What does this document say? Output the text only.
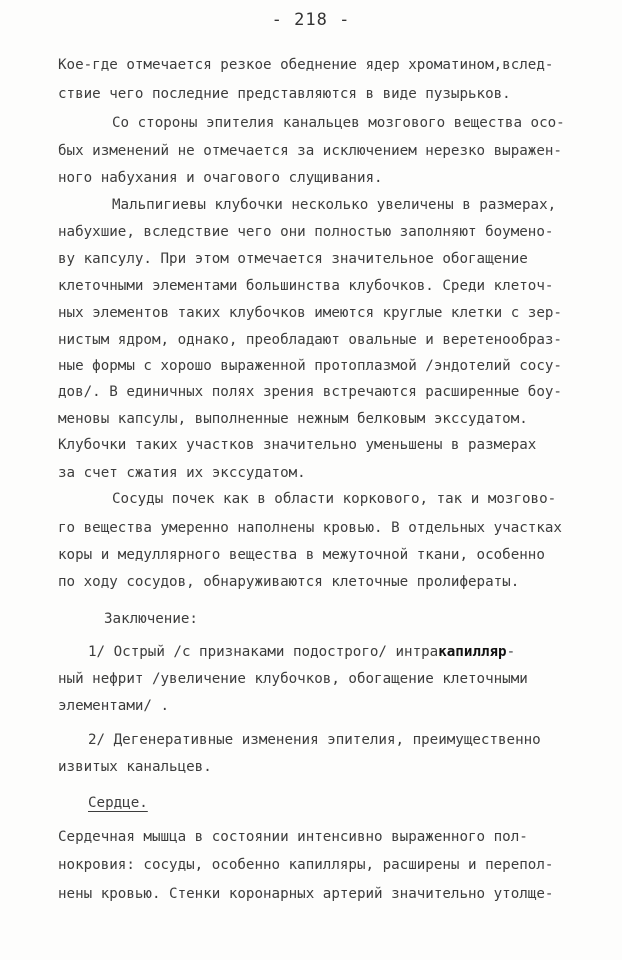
- 218 -
Кое-где отмечается резкое обеднение ядер хроматином,вслед-
ствие чего последние представляются в виде пузырьков.
Со стороны эпителия канальцев мозгового вещества осо-
бых изменений не отмечается за исключением нерезко выражен-
ного набухания и очагового слущивания.
Мальпигиевы клубочки несколько увеличены в размерах,
набухшие, вследствие чего они полностью заполняют боумено-
ву капсулу. При этом отмечается значительное обогащение
клеточными элементами большинства клубочков. Среди клеточ-
ных элементов таких клубочков имеются круглые клетки с зер-
нистым ядром, однако, преобладают овальные и веретенообраз-
ные формы с хорошо выраженной протоплазмой /эндотелий сосу-
дов/. В единичных полях зрения встречаются расширенные боу-
меновы капсулы, выполненные нежным белковым экссудатом.
Клубочки таких участков значительно уменьшены в размерах
за счет сжатия их экссудатом.
Сосуды почек как в области коркового, так и мозгово-
го вещества умеренно наполнены кровью. В отдельных участках
коры и медуллярного вещества в межуточной ткани, особенно
по ходу сосудов, обнаруживаются клеточные пролифераты.
Заключение:
1/ Острый /с признаками подострого/ интракапилляр-
ный нефрит /увеличение клубочков, обогащение клеточными
элементами/ .
2/ Дегенеративные изменения эпителия, преимущественно
извитых канальцев.
Сердце.
Сердечная мышца в состоянии интенсивно выраженного пол-
нокровия: сосуды, особенно капилляры, расширены и перепол-
нены кровью. Стенки коронарных артерий значительно утолще-
